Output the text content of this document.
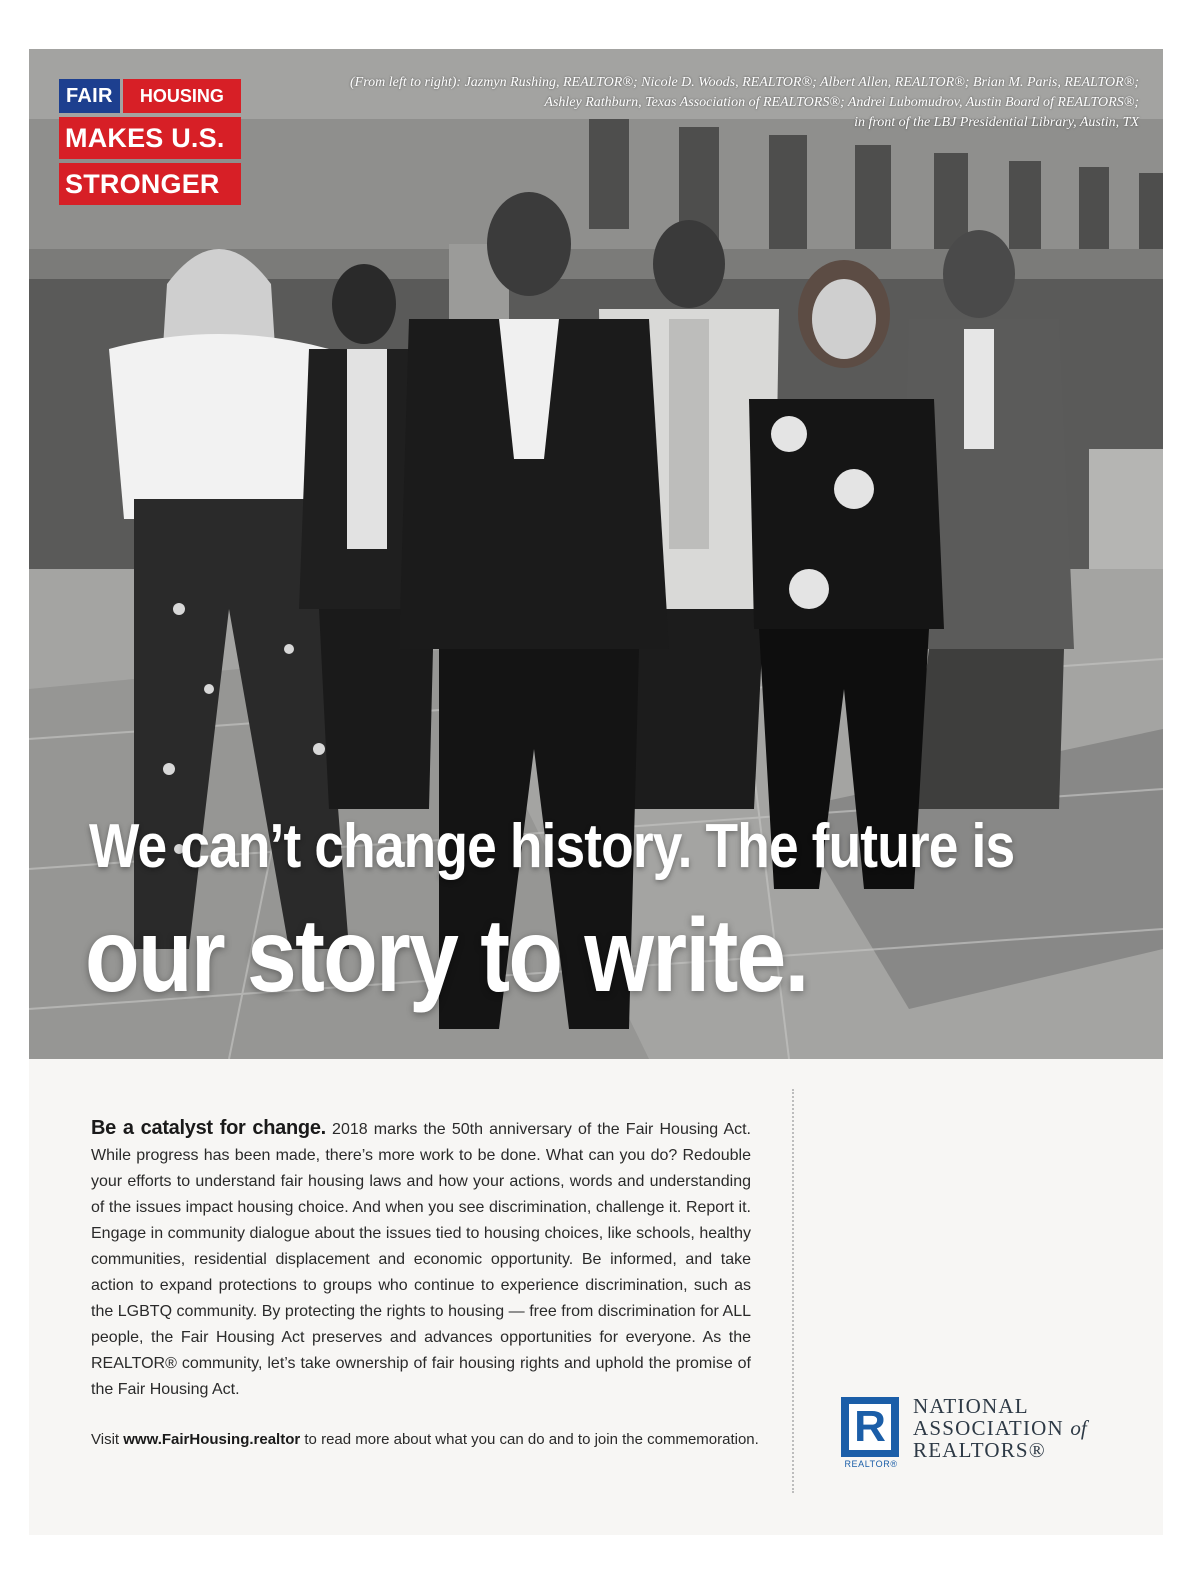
FAIR	HOUSING
MAKES U.S.
STRONGER
(From left to right): Jazmyn Rushing, REALTOR®; Nicole D. Woods, REALTOR®; Albert Allen, REALTOR®; Brian M. Paris, REALTOR®;
Ashley Rathburn, Texas Association of REALTORS®; Andrei Lubomudrov, Austin Board of REALTORS®;
in front of the LBJ Presidential Library, Austin, TX
We can’t change history. The future is
our story to write.
Be a catalyst for change. 2018 marks the 50th anniversary of the Fair Housing Act. While progress has been made, there’s more work to be done. What can you do? Redouble your efforts to understand fair housing laws and how your actions, words and understanding of the issues impact housing choice. And when you see discrimination, challenge it. Report it. Engage in community dialogue about the issues tied to housing choices, like schools, healthy communities, residential displacement and economic opportunity. Be informed, and take action to expand protections to groups who continue to experience discrimination, such as the LGBTQ community. By protecting the rights to housing — free from discrimination for ALL people, the Fair Housing Act preserves and advances opportunities for everyone. As the REALTOR® community, let’s take ownership of fair housing rights and uphold the promise of the Fair Housing Act.
Visit www.FairHousing.realtor to read more about what you can do and to join the commemoration. R
REALTOR®
NATIONAL
ASSOCIATION of
REALTORS®
